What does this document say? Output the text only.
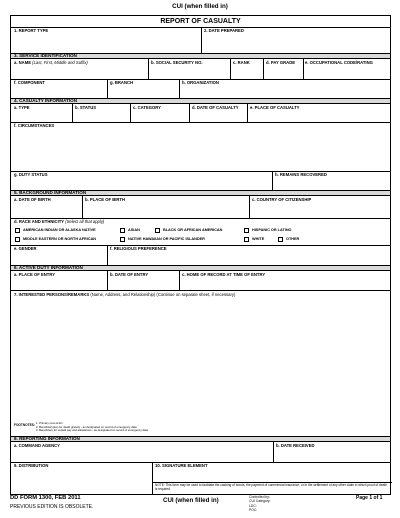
CUI (when filled in)
REPORT OF CASUALTY
1. REPORT TYPE	2. DATE PREPARED
3. SERVICE IDENTIFICATION
a. NAME (Last, First, Middle and Suffix)	b. SOCIAL SECURITY NO.	c. RANK	d. PAY GRADE e. OCCUPATIONAL CODE/RATING
f. COMPONENT	g. BRANCH	h. ORGANIZATION
4. CASUALTY INFORMATION
a. TYPE	b. STATUS	c. CATEGORY	d. DATE OF CASUALTY	e. PLACE OF CASUALTY
f. CIRCUMSTANCES
g. DUTY STATUS	h. REMAINS RECOVERED
5. BACKGROUND INFORMATION
a. DATE OF BIRTH	b. PLACE OF BIRTH	c. COUNTRY OF CITIZENSHIP
d. RACE AND ETHNICITY (Select all that apply)
AMERICAN INDIAN OR ALASKA NATIVE	ASIAN	BLACK OR AFRICAN AMERICAN	HISPANIC OR LATINO
MIDDLE EASTERN OR NORTH AFRICAN	NATIVE HAWAIIAN OR PACIFIC ISLANDER	WHITE	OTHER
e. GENDER	f. RELIGIOUS PREFERENCE
6. ACTIVE DUTY INFORMATION
a. PLACE OF ENTRY	b. DATE OF ENTRY	c. HOME OF RECORD AT TIME OF ENTRY
7. INTERESTED PERSONS/REMARKS (Name, Address, and Relationship) (Continue on separate sheet, if necessary)
FOOTNOTES: 1. Primary next-of-kin
2. Beneficiary(ies) for death gratuity - as designated on record of emergency data
3. Beneficiary for unpaid pay and allowances - as designated on record of emergency data
8. REPORTING INFORMATION
a. COMMAND AGENCY	b. DATE RECEIVED
9. DISTRIBUTION	10. SIGNATURE ELEMENT
NOTE: This form may be used to facilitate the cashing of bonds, the payment of commercial insurance, or in the settlement of any other claim in which proof of death is required.
DD FORM 1300, FEB 2011
PREVIOUS EDITION IS OBSOLETE.
CUI (when filled in)	Controlled by:
CUI Category:
LDC:
POC:
Page 1 of 1
